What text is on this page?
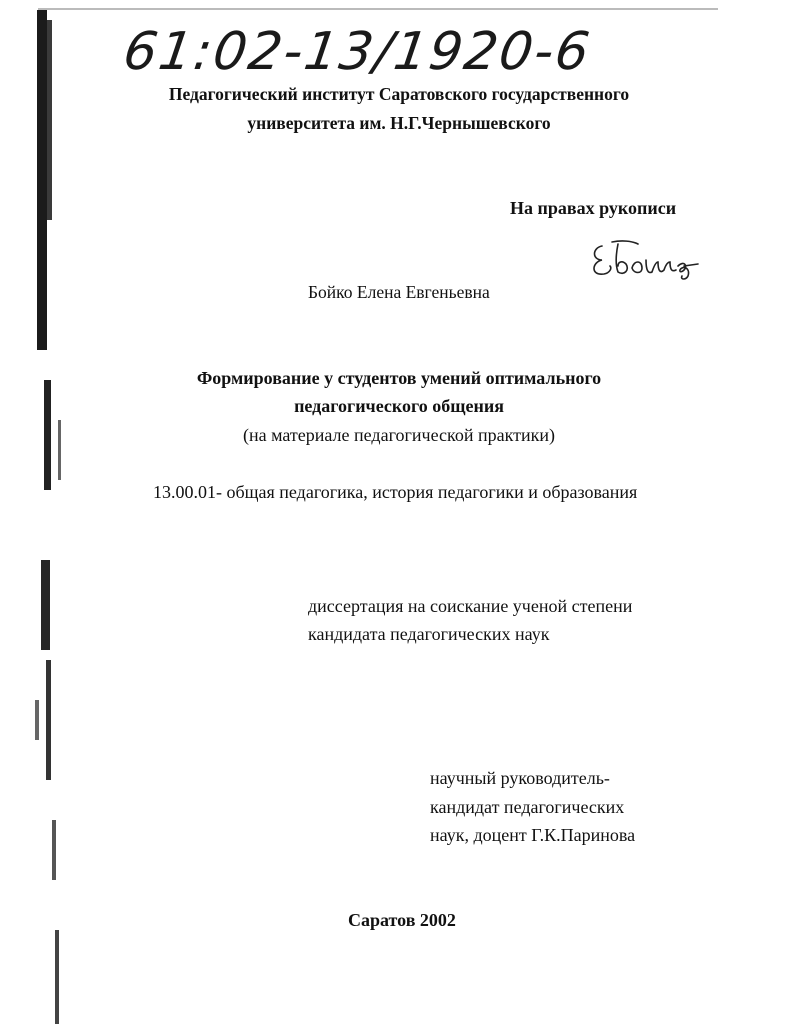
61:02-13/1920-6
Педагогический институт Саратовского государственного
университета им. Н.Г.Чернышевского
На правах рукописи
Бойко Елена Евгеньевна
Формирование у студентов умений оптимального
педагогического общения
(на материале педагогической практики)
13.00.01- общая педагогика, история педагогики и образования
диссертация на соискание ученой степени
кандидата педагогических наук
научный руководитель-
кандидат педагогических
наук, доцент Г.К.Паринова
Саратов 2002
